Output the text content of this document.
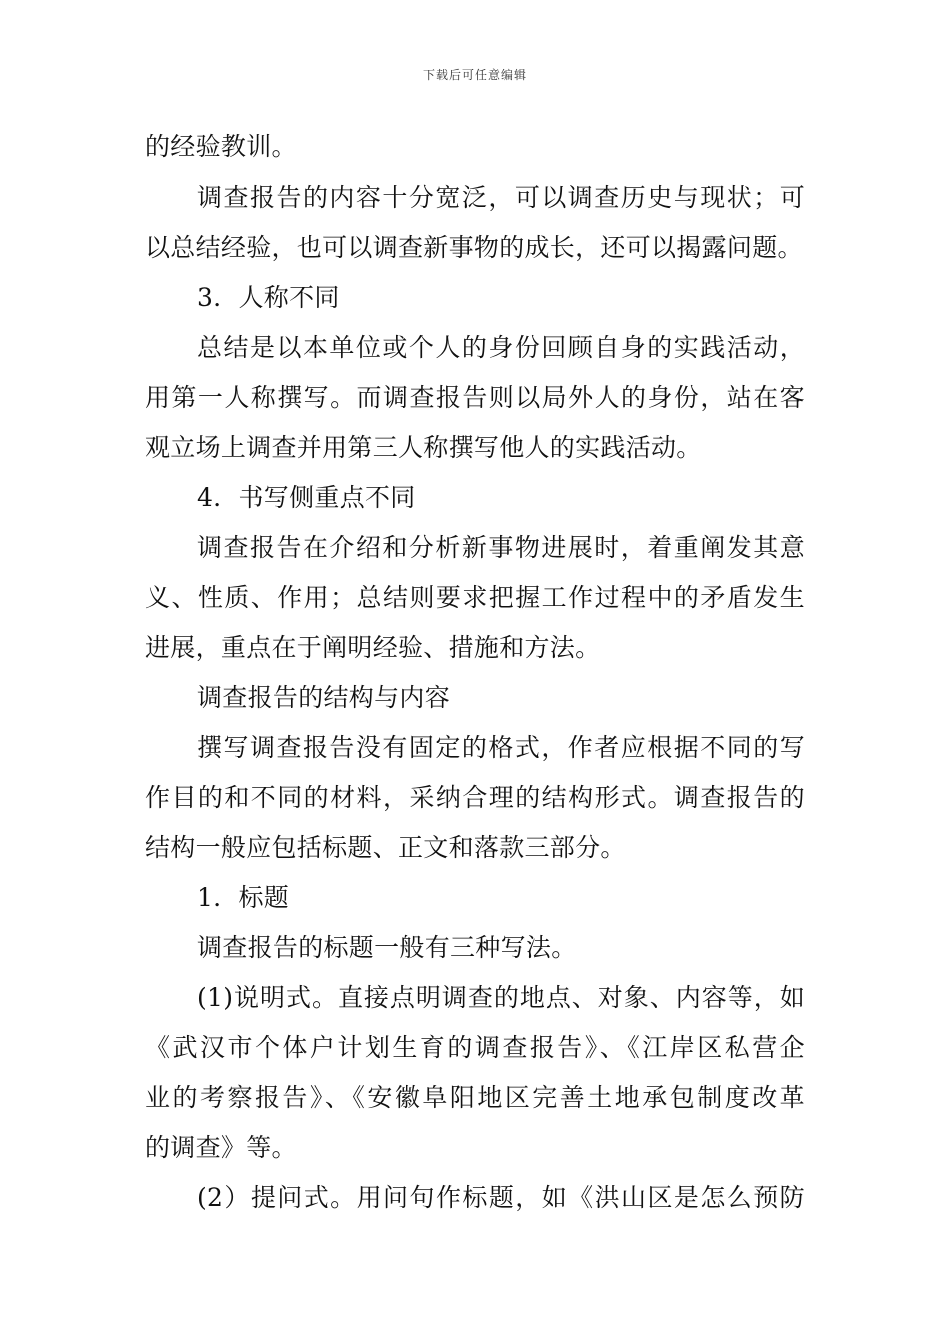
下载后可任意编辑
的经验教训。
调查报告的内容十分宽泛，可以调查历史与现状；可
以总结经验，也可以调查新事物的成长，还可以揭露问题。
3．人称不同
总结是以本单位或个人的身份回顾自身的实践活动，
用第一人称撰写。而调查报告则以局外人的身份，站在客
观立场上调查并用第三人称撰写他人的实践活动。
4．书写侧重点不同
调查报告在介绍和分析新事物进展时，着重阐发其意
义、性质、作用；总结则要求把握工作过程中的矛盾发生
进展，重点在于阐明经验、措施和方法。
调查报告的结构与内容
撰写调查报告没有固定的格式，作者应根据不同的写
作目的和不同的材料，采纳合理的结构形式。调查报告的
结构一般应包括标题、正文和落款三部分。
1．标题
调查报告的标题一般有三种写法。
(1)说明式。直接点明调查的地点、对象、内容等，如
《武汉市个体户计划生育的调查报告》、《江岸区私营企
业的考察报告》、《安徽阜阳地区完善土地承包制度改革
的调查》等。
(2）提问式。用问句作标题，如《洪山区是怎么预防
